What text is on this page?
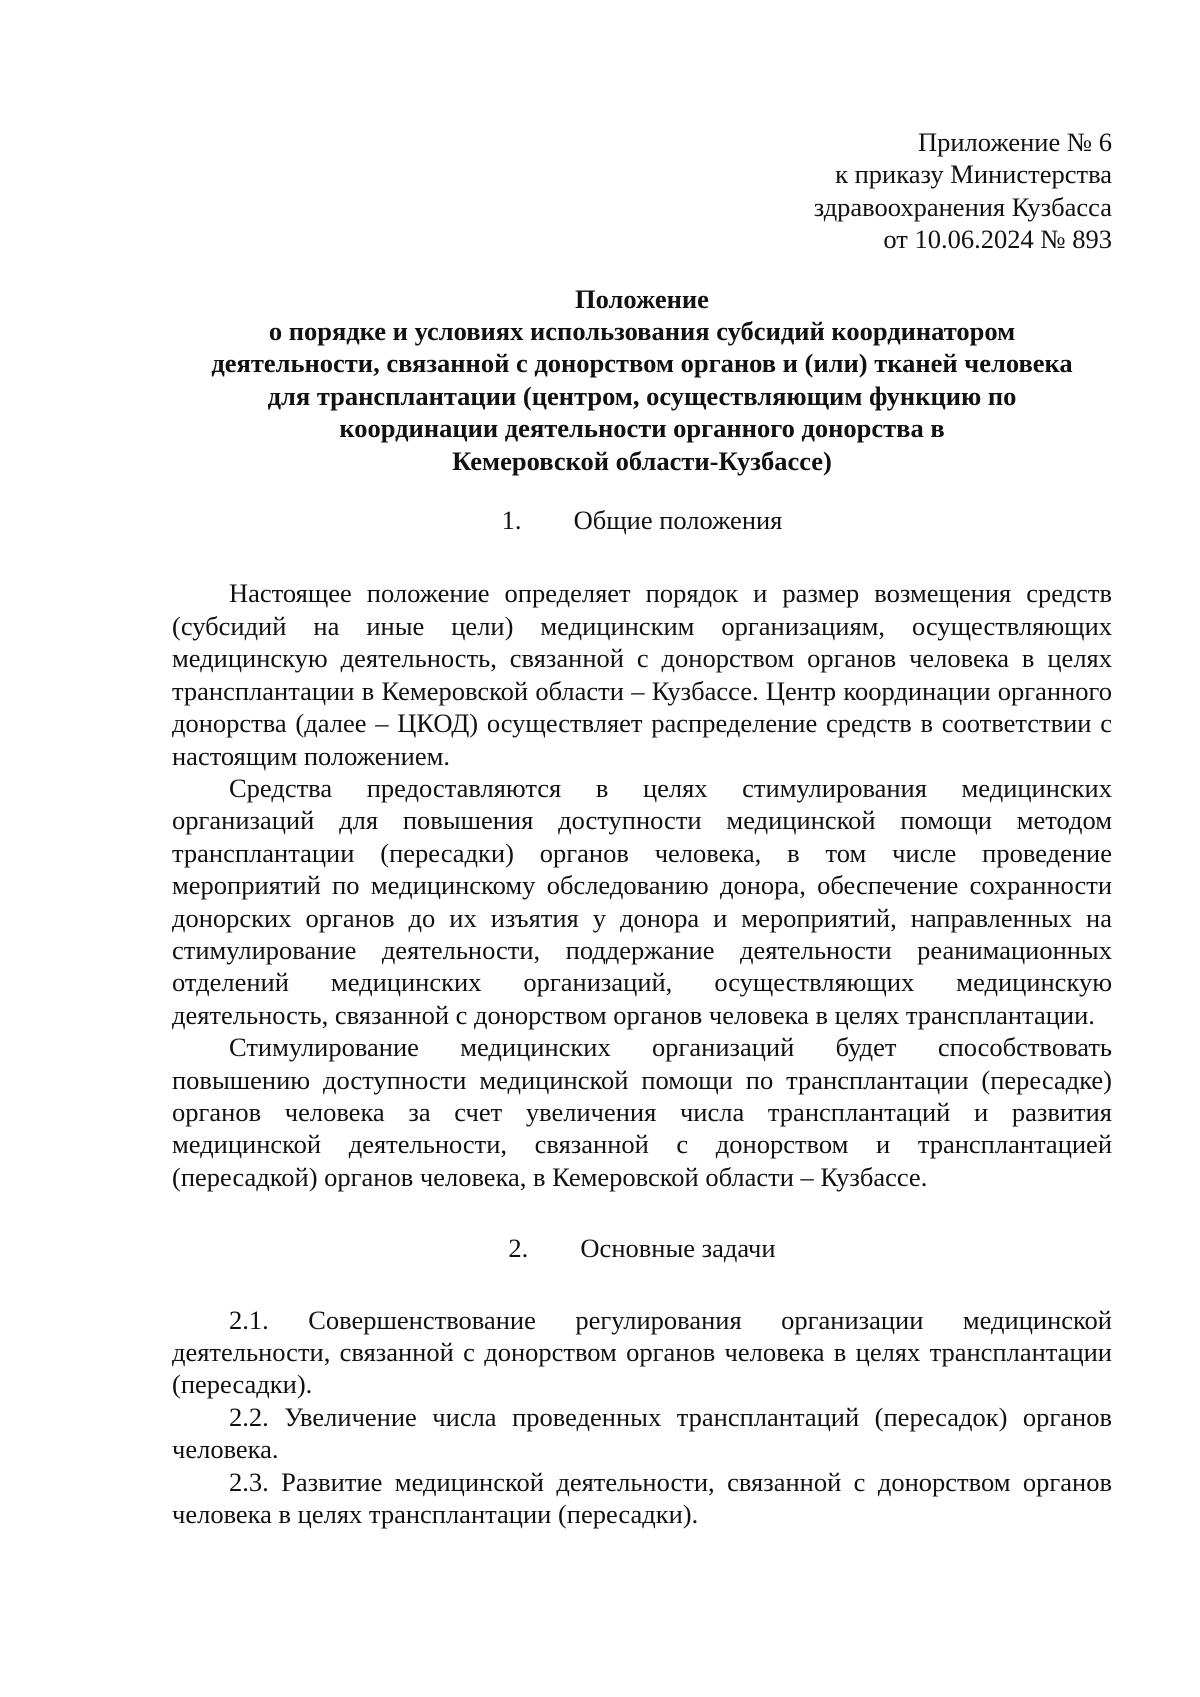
Приложение № 6
к приказу Министерства
здравоохранения Кузбасса
от 10.06.2024 № 893
Положение
о порядке и условиях использования субсидий координатором
деятельности, связанной с донорством органов и (или) тканей человека
для трансплантации (центром, осуществляющим функцию по
координации деятельности органного донорства в
Кемеровской области-Кузбассе)
1. Общие положения

Настоящее положение определяет порядок и размер возмещения средств (субсидий на иные цели) медицинским организациям, осуществляющих медицинскую деятельность, связанной с донорством органов человека в целях трансплантации в Кемеровской области – Кузбассе. Центр координации органного донорства (далее – ЦКОД) осуществляет распределение средств в соответствии с настоящим положением.

Средства предоставляются в целях стимулирования медицинских организаций для повышения доступности медицинской помощи методом трансплантации (пересадки) органов человека, в том числе проведение мероприятий по медицинскому обследованию донора, обеспечение сохранности донорских органов до их изъятия у донора и мероприятий, направленных на стимулирование деятельности, поддержание деятельности реанимационных отделений медицинских организаций, осуществляющих медицинскую деятельность, связанной с донорством органов человека в целях трансплантации.

Стимулирование медицинских организаций будет способствовать повышению доступности медицинской помощи по трансплантации (пересадке) органов человека за счет увеличения числа трансплантаций и развития медицинской деятельности, связанной с донорством и трансплантацией (пересадкой) органов человека, в Кемеровской области – Кузбассе.

2. Основные задачи

2.1. Совершенствование регулирования организации медицинской деятельности, связанной с донорством органов человека в целях трансплантации (пересадки).

2.2. Увеличение числа проведенных трансплантаций (пересадок) органов человека.

2.3. Развитие медицинской деятельности, связанной с донорством органов человека в целях трансплантации (пересадки).
